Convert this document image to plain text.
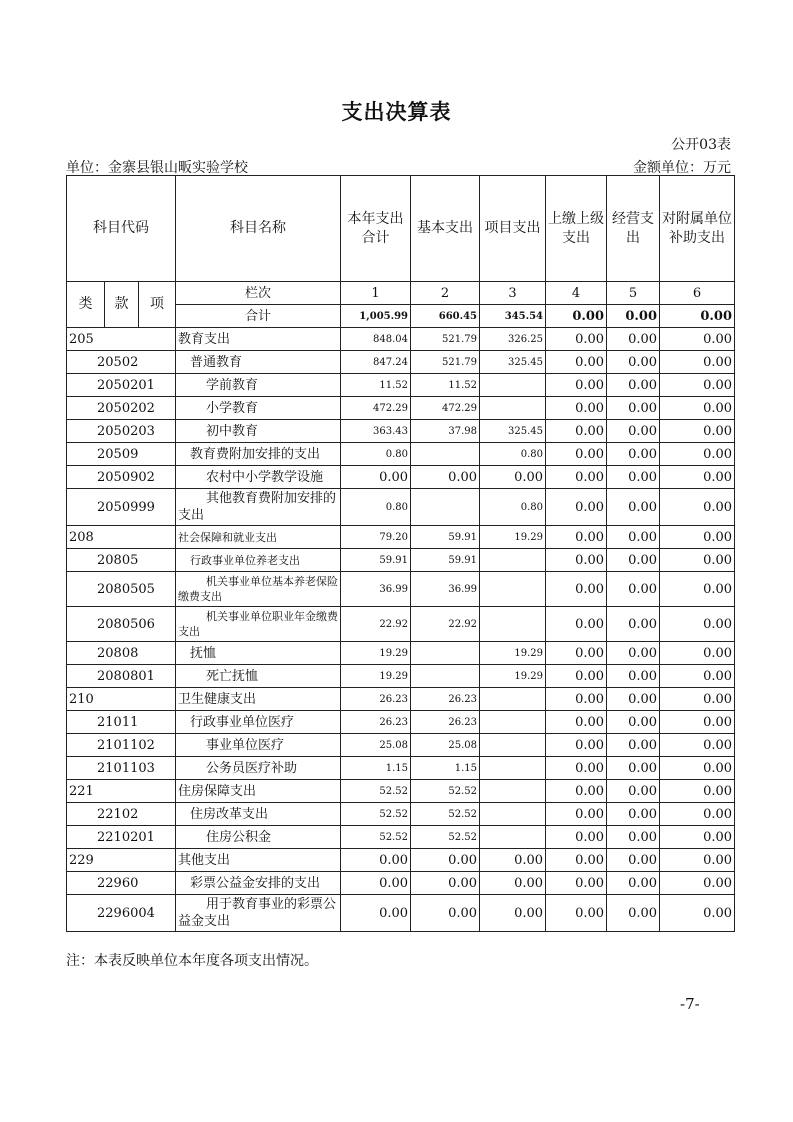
支出决算表
公开03表
单位：金寨县银山畈实验学校	金额单位：万元
科目代码			科目名称	本年支出合计	基本支出	项目支出	上缴上级支出	经营支出	对附属单位补助支出
类	款	项	栏次	1	2	3	4	5	6
			合计	1,005.99	660.45	345.54	0.00	0.00	0.00
205			教育支出	848.04	521.79	326.25	0.00	0.00	0.00
20502			普通教育	847.24	521.79	325.45	0.00	0.00	0.00
2050201			学前教育	11.52	11.52		0.00	0.00	0.00
2050202			小学教育	472.29	472.29		0.00	0.00	0.00
2050203			初中教育	363.43	37.98	325.45	0.00	0.00	0.00
20509			教育费附加安排的支出	0.80		0.80	0.00	0.00	0.00
2050902			农村中小学教学设施	0.00	0.00	0.00	0.00	0.00	0.00
2050999			其他教育费附加安排的支出	0.80		0.80	0.00	0.00	0.00
208			社会保障和就业支出	79.20	59.91	19.29	0.00	0.00	0.00
20805			行政事业单位养老支出	59.91	59.91		0.00	0.00	0.00
2080505			机关事业单位基本养老保险缴费支出	36.99	36.99		0.00	0.00	0.00
2080506			机关事业单位职业年金缴费支出	22.92	22.92		0.00	0.00	0.00
20808			抚恤	19.29		19.29	0.00	0.00	0.00
2080801			死亡抚恤	19.29		19.29	0.00	0.00	0.00
210			卫生健康支出	26.23	26.23		0.00	0.00	0.00
21011			行政事业单位医疗	26.23	26.23		0.00	0.00	0.00
2101102			事业单位医疗	25.08	25.08		0.00	0.00	0.00
2101103			公务员医疗补助	1.15	1.15		0.00	0.00	0.00
221			住房保障支出	52.52	52.52		0.00	0.00	0.00
22102			住房改革支出	52.52	52.52		0.00	0.00	0.00
2210201			住房公积金	52.52	52.52		0.00	0.00	0.00
229			其他支出	0.00	0.00	0.00	0.00	0.00	0.00
22960			彩票公益金安排的支出	0.00	0.00	0.00	0.00	0.00	0.00
2296004			用于教育事业的彩票公益金支出	0.00	0.00	0.00	0.00	0.00	0.00
注：本表反映单位本年度各项支出情况。
-7-
